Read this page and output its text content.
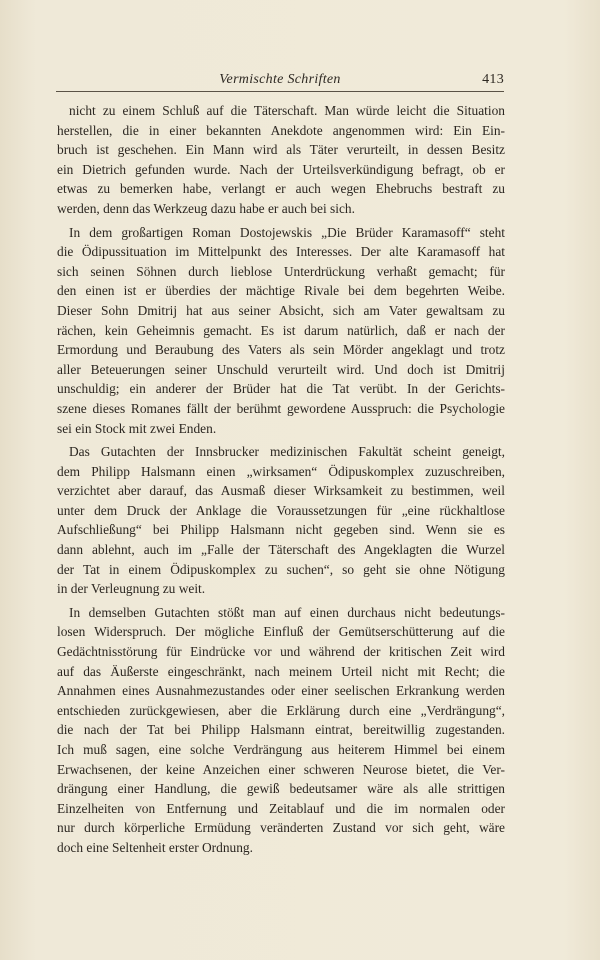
Vermischte Schriften	413
nicht zu einem Schluß auf die Täterschaft. Man würde leicht die Situation
herstellen, die in einer bekannten Anekdote angenommen wird: Ein Ein-
bruch ist geschehen. Ein Mann wird als Täter verurteilt, in dessen Besitz
ein Dietrich gefunden wurde. Nach der Urteilsverkündigung befragt, ob er
etwas zu bemerken habe, verlangt er auch wegen Ehebruchs bestraft zu
werden, denn das Werkzeug dazu habe er auch bei sich.
In dem großartigen Roman Dostojewskis „Die Brüder Karamasoff“ steht
die Ödipussituation im Mittelpunkt des Interesses. Der alte Karamasoff hat
sich seinen Söhnen durch lieblose Unterdrückung verhaßt gemacht; für
den einen ist er überdies der mächtige Rivale bei dem begehrten Weibe.
Dieser Sohn Dmitrij hat aus seiner Absicht, sich am Vater gewaltsam zu
rächen, kein Geheimnis gemacht. Es ist darum natürlich, daß er nach der
Ermordung und Beraubung des Vaters als sein Mörder angeklagt und trotz
aller Beteuerungen seiner Unschuld verurteilt wird. Und doch ist Dmitrij
unschuldig; ein anderer der Brüder hat die Tat verübt. In der Gerichts-
szene dieses Romanes fällt der berühmt gewordene Ausspruch: die Psychologie
sei ein Stock mit zwei Enden.
Das Gutachten der Innsbrucker medizinischen Fakultät scheint geneigt,
dem Philipp Halsmann einen „wirksamen“ Ödipuskomplex zuzuschreiben,
verzichtet aber darauf, das Ausmaß dieser Wirksamkeit zu bestimmen, weil
unter dem Druck der Anklage die Voraussetzungen für „eine rückhaltlose
Aufschließung“ bei Philipp Halsmann nicht gegeben sind. Wenn sie es
dann ablehnt, auch im „Falle der Täterschaft des Angeklagten die Wurzel
der Tat in einem Ödipuskomplex zu suchen“, so geht sie ohne Nötigung
in der Verleugnung zu weit.
In demselben Gutachten stößt man auf einen durchaus nicht bedeutungs-
losen Widerspruch. Der mögliche Einfluß der Gemütserschütterung auf die
Gedächtnisstörung für Eindrücke vor und während der kritischen Zeit wird
auf das Äußerste eingeschränkt, nach meinem Urteil nicht mit Recht; die
Annahmen eines Ausnahmezustandes oder einer seelischen Erkrankung werden
entschieden zurückgewiesen, aber die Erklärung durch eine „Verdrängung“,
die nach der Tat bei Philipp Halsmann eintrat, bereitwillig zugestanden.
Ich muß sagen, eine solche Verdrängung aus heiterem Himmel bei einem
Erwachsenen, der keine Anzeichen einer schweren Neurose bietet, die Ver-
drängung einer Handlung, die gewiß bedeutsamer wäre als alle strittigen
Einzelheiten von Entfernung und Zeitablauf und die im normalen oder
nur durch körperliche Ermüdung veränderten Zustand vor sich geht, wäre
doch eine Seltenheit erster Ordnung.
